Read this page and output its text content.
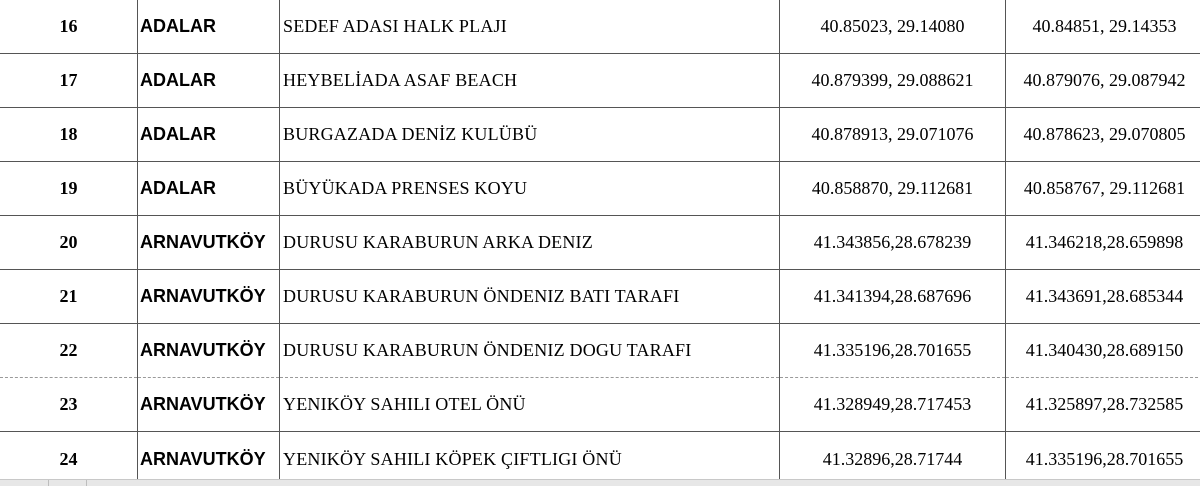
16	ADALAR	SEDEF ADASI HALK PLAJI	40.85023, 29.14080	40.84851, 29.14353
17	ADALAR	HEYBELİADA ASAF BEACH	40.879399, 29.088621	40.879076, 29.087942
18	ADALAR	BURGAZADA DENİZ KULÜBÜ	40.878913, 29.071076	40.878623, 29.070805
19	ADALAR	BÜYÜKADA PRENSES KOYU	40.858870, 29.112681	40.858767, 29.112681
20	ARNAVUTKÖY	DURUSU KARABURUN ARKA DENIZ	41.343856,28.678239	41.346218,28.659898
21	ARNAVUTKÖY	DURUSU KARABURUN ÖNDENIZ BATI TARAFI	41.341394,28.687696	41.343691,28.685344
22	ARNAVUTKÖY	DURUSU KARABURUN ÖNDENIZ DOGU TARAFI	41.335196,28.701655	41.340430,28.689150
23	ARNAVUTKÖY	YENIKÖY SAHILI OTEL ÖNÜ	41.328949,28.717453	41.325897,28.732585
24	ARNAVUTKÖY	YENIKÖY SAHILI KÖPEK ÇIFTLIGI ÖNÜ	41.32896,28.71744	41.335196,28.701655
